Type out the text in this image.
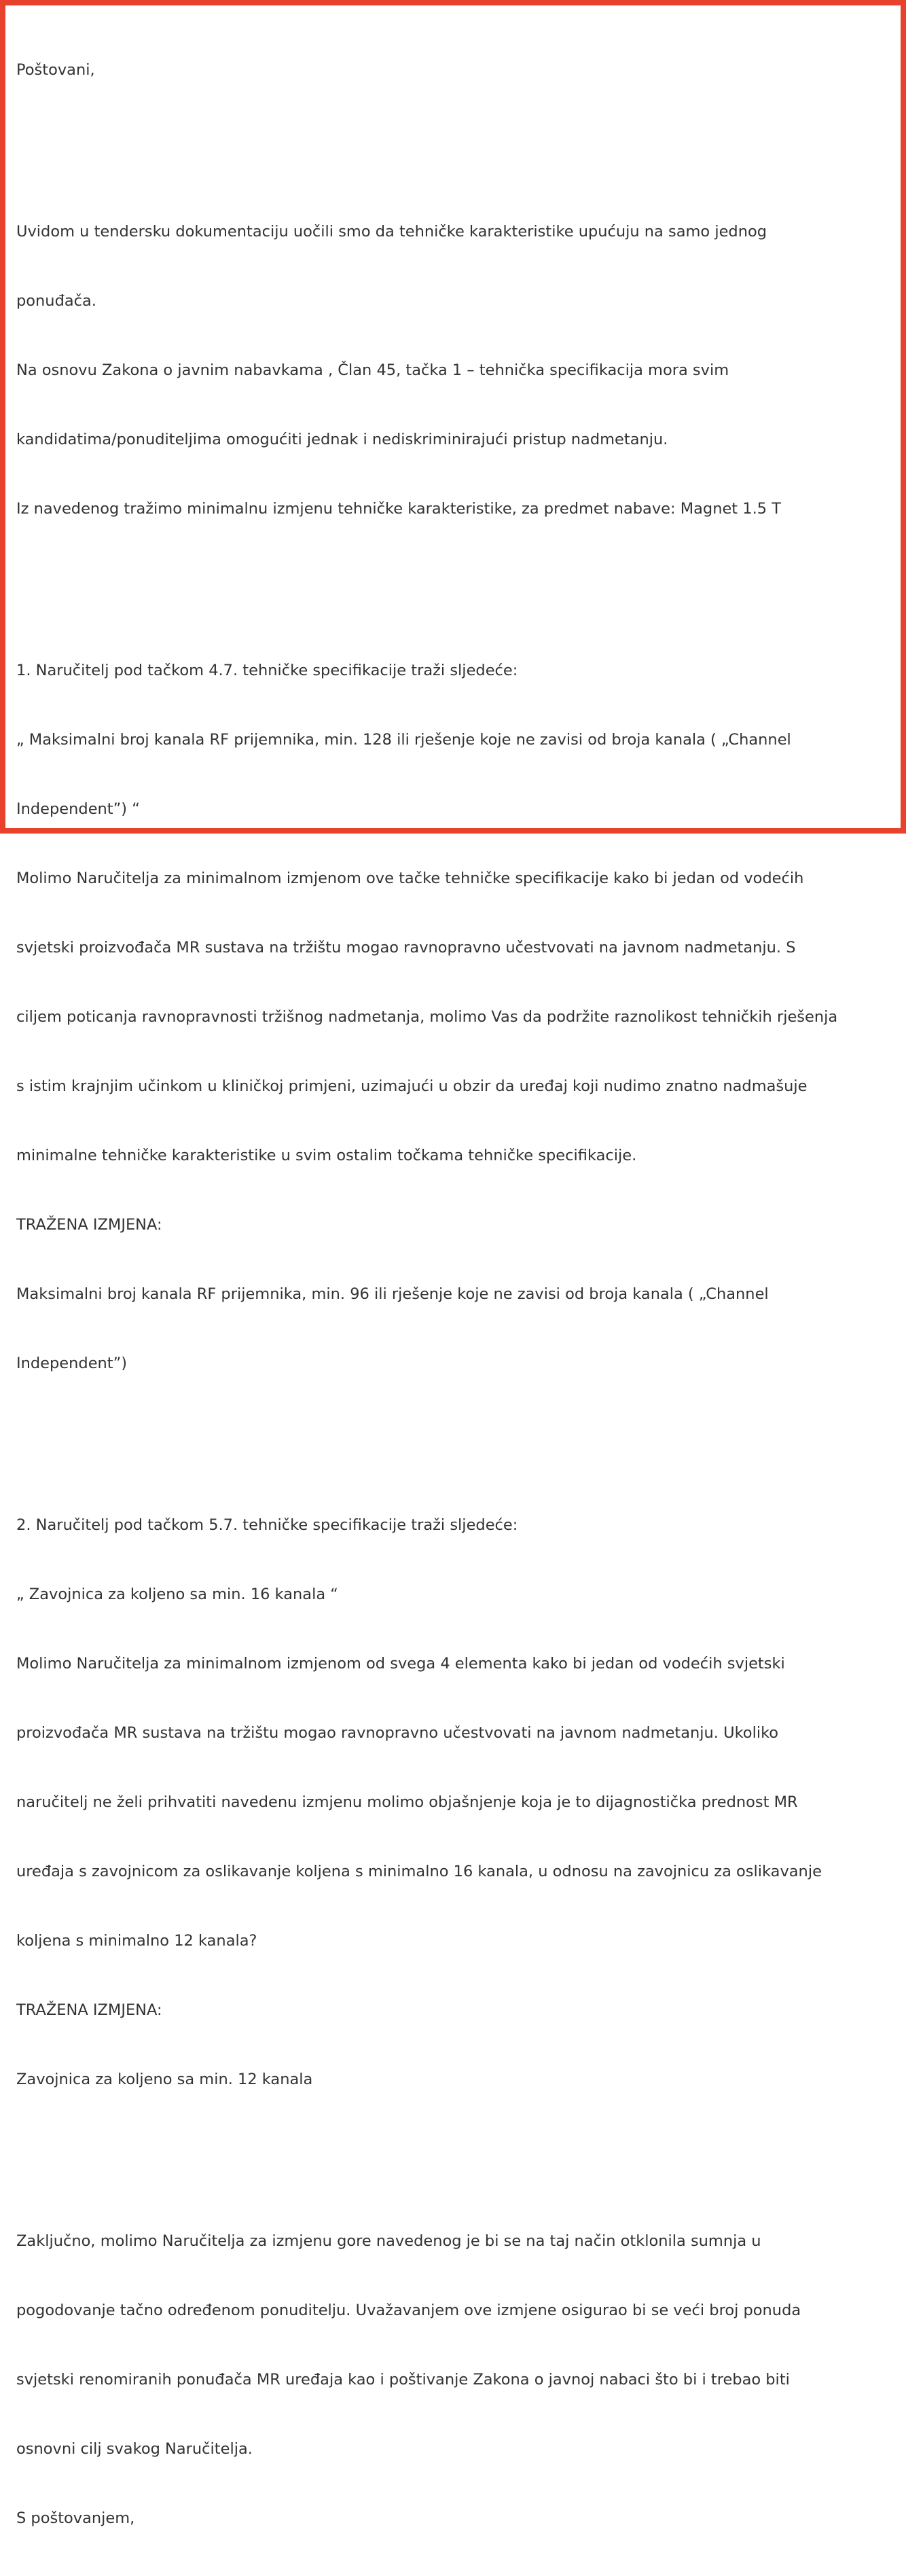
Poštovani,

Uvidom u tendersku dokumentaciju uočili smo da tehničke karakteristike upućuju na samo jednog

ponuđača.

Na osnovu Zakona o javnim nabavkama , Član 45, tačka 1 – tehnička specifikacija mora svim

kandidatima/ponuditeljima omogućiti jednak i nediskriminirajući pristup nadmetanju.

Iz navedenog tražimo minimalnu izmjenu tehničke karakteristike, za predmet nabave: Magnet 1.5 T

1. Naručitelj pod tačkom 4.7. tehničke specifikacije traži sljedeće:

„ Maksimalni broj kanala RF prijemnika, min. 128 ili rješenje koje ne zavisi od broja kanala ( „Channel

Independent”) “

Molimo Naručitelja za minimalnom izmjenom ove tačke tehničke specifikacije kako bi jedan od vodećih

svjetski proizvođača MR sustava na tržištu mogao ravnopravno učestvovati na javnom nadmetanju. S

ciljem poticanja ravnopravnosti tržišnog nadmetanja, molimo Vas da podržite raznolikost tehničkih rješenja

s istim krajnjim učinkom u kliničkoj primjeni, uzimajući u obzir da uređaj koji nudimo znatno nadmašuje

minimalne tehničke karakteristike u svim ostalim točkama tehničke specifikacije.

TRAŽENA IZMJENA:

Maksimalni broj kanala RF prijemnika, min. 96 ili rješenje koje ne zavisi od broja kanala ( „Channel

Independent”)

2. Naručitelj pod tačkom 5.7. tehničke specifikacije traži sljedeće:

„ Zavojnica za koljeno sa min. 16 kanala “

Molimo Naručitelja za minimalnom izmjenom od svega 4 elementa kako bi jedan od vodećih svjetski

proizvođača MR sustava na tržištu mogao ravnopravno učestvovati na javnom nadmetanju. Ukoliko

naručitelj ne želi prihvatiti navedenu izmjenu molimo objašnjenje koja je to dijagnostička prednost MR

uređaja s zavojnicom za oslikavanje koljena s minimalno 16 kanala, u odnosu na zavojnicu za oslikavanje

koljena s minimalno 12 kanala?

TRAŽENA IZMJENA:

Zavojnica za koljeno sa min. 12 kanala

Zaključno, molimo Naručitelja za izmjenu gore navedenog je bi se na taj način otklonila sumnja u

pogodovanje tačno određenom ponuditelju. Uvažavanjem ove izmjene osigurao bi se veći broj ponuda

svjetski renomiranih ponuđača MR uređaja kao i poštivanje Zakona o javnoj nabaci što bi i trebao biti

osnovni cilj svakog Naručitelja.

S poštovanjem,
